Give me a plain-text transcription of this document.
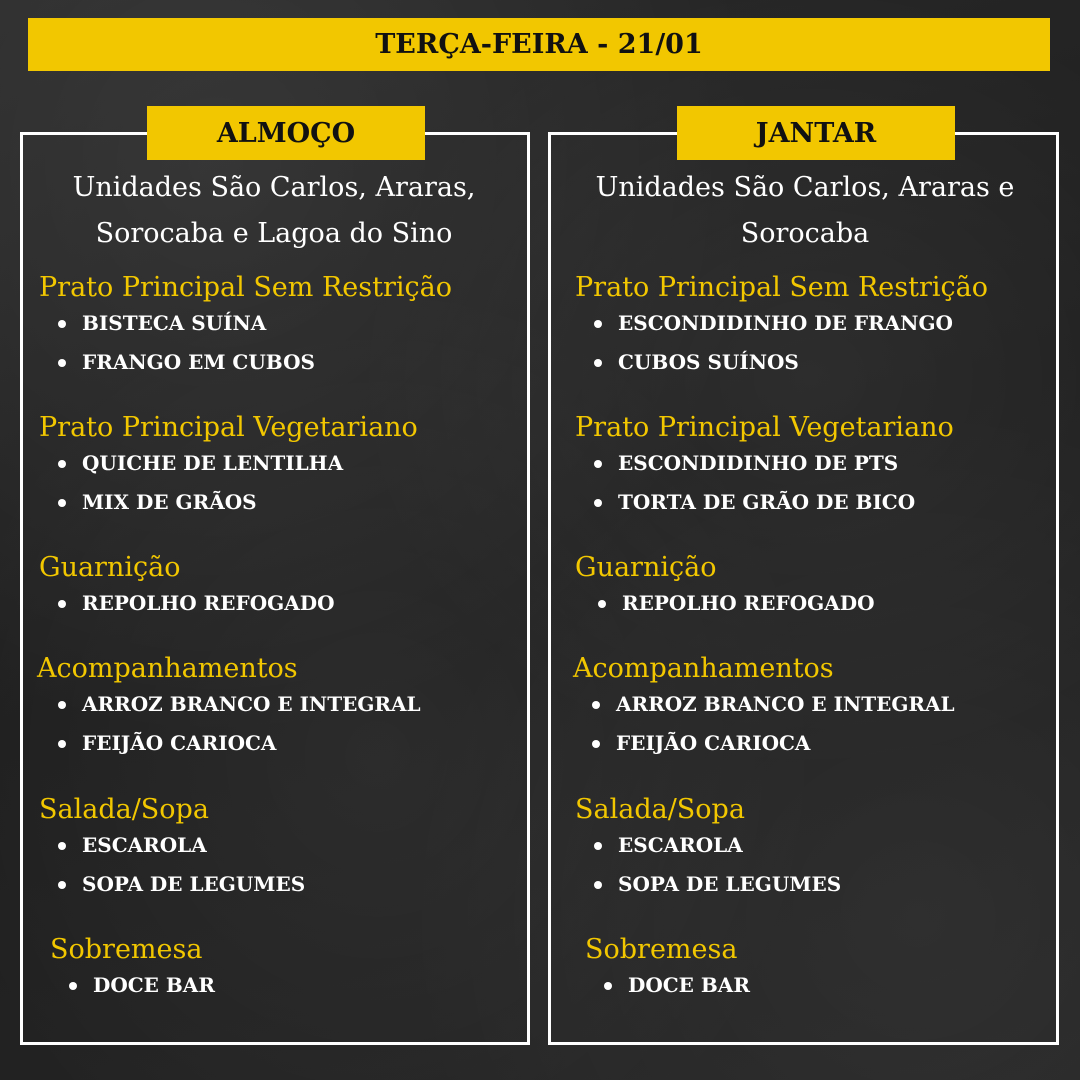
TERÇA-FEIRA - 21/01
ALMOÇO	JANTAR
Unidades São Carlos, Araras,
Sorocaba e Lagoa do Sino
Unidades São Carlos, Araras e
Sorocaba
Prato Principal Sem Restrição
BISTECA SUÍNA
FRANGO EM CUBOS
Prato Principal Vegetariano
QUICHE DE LENTILHA
MIX DE GRÃOS
Guarnição
REPOLHO REFOGADO
Acompanhamentos
ARROZ BRANCO E INTEGRAL
FEIJÃO CARIOCA
Salada/Sopa
ESCAROLA
SOPA DE LEGUMES
Sobremesa
DOCE BAR
Prato Principal Sem Restrição
ESCONDIDINHO DE FRANGO
CUBOS SUÍNOS
Prato Principal Vegetariano
ESCONDIDINHO DE PTS
TORTA DE GRÃO DE BICO
Guarnição
REPOLHO REFOGADO
Acompanhamentos
ARROZ BRANCO E INTEGRAL
FEIJÃO CARIOCA
Salada/Sopa
ESCAROLA
SOPA DE LEGUMES
Sobremesa
DOCE BAR
